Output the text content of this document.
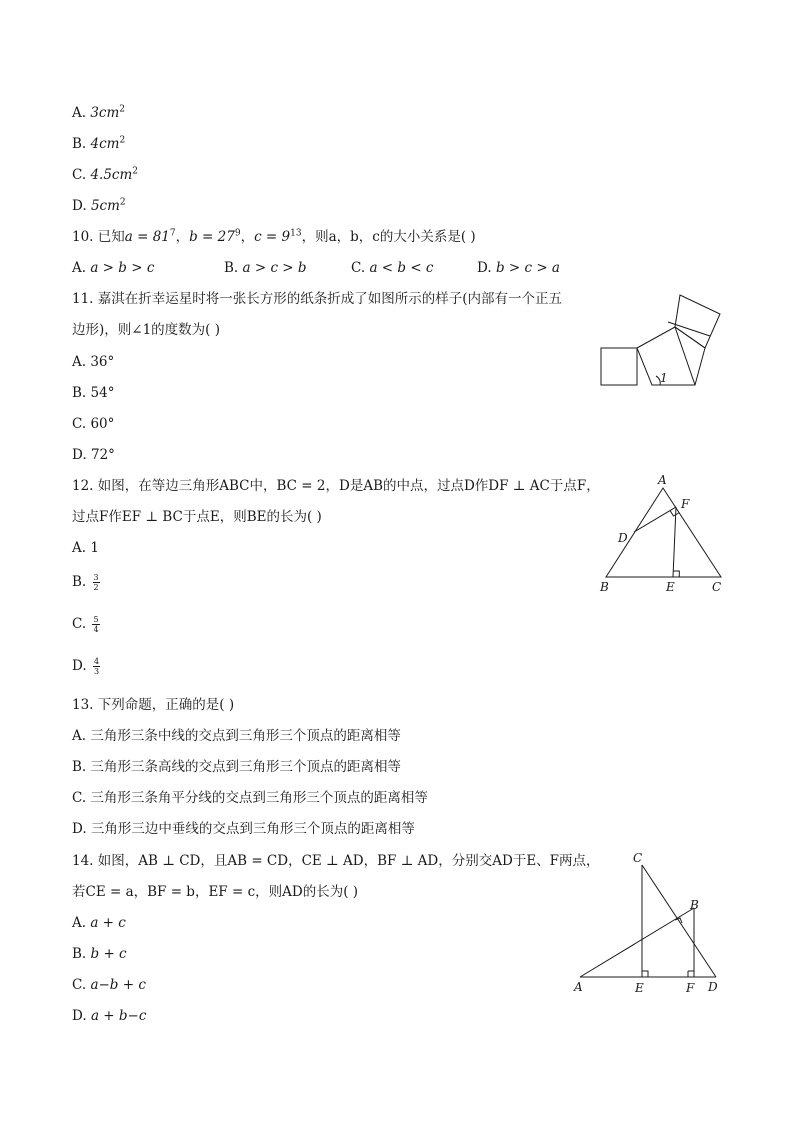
A. $3cm^2$
B. $4cm^2$
C. $4.5cm^2$
D. $5cm^2$
10. 已知$a = 81^7$，$b = 27^9$，$c = 9^{13}$，则a，b，c的大小关系是( )
A. a > b > c	B. a > c > b	C. a < b < c	D. b > c > a
11. 嘉淇在折幸运星时将一张长方形的纸条折成了如图所示的样子(内部有一个正五
边形)，则∠1的度数为( )
A. 36°
B. 54°
C. 60°
D. 72°
1
12. 如图，在等边三角形ABC中，BC = 2，D是AB的中点，过点D作DF ⊥ AC于点F，
过点F作EF ⊥ BC于点E，则BE的长为( )
A. 1
B. $\frac{3}{2}$
C. $\frac{5}{4}$
D. $\frac{4}{3}$
A
B	C
D
E
F
13. 下列命题，正确的是( )
A. 三角形三条中线的交点到三角形三个顶点的距离相等
B. 三角形三条高线的交点到三角形三个顶点的距离相等
C. 三角形三条角平分线的交点到三角形三个顶点的距离相等
D. 三角形三边中垂线的交点到三角形三个顶点的距离相等
14. 如图，AB ⊥ CD，且AB = CD，CE ⊥ AD，BF ⊥ AD，分别交AD于E、F两点，
若CE = a，BF = b，EF = c，则AD的长为( )
A. a + c
B. b + c
C. a−b + c
D. a + b−c
C
B
A	E	F D
